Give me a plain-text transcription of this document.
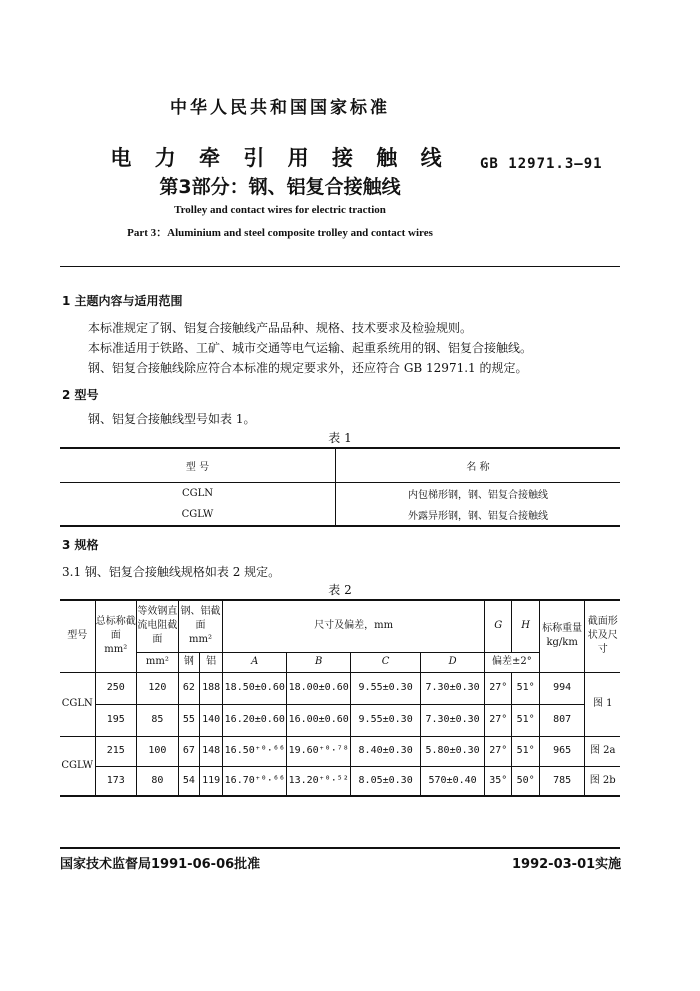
中华人民共和国国家标准
电 力 牵 引 用 接 触 线
第3部分：钢、铝复合接触线
GB 12971.3—91
Trolley and contact wires for electric traction
Part 3：Aluminium and steel composite trolley and contact wires
1 主题内容与适用范围
本标准规定了钢、铝复合接触线产品品种、规格、技术要求及检验规则。
本标准适用于铁路、工矿、城市交通等电气运输、起重系统用的钢、铝复合接触线。
钢、铝复合接触线除应符合本标准的规定要求外，还应符合 GB 12971.1 的规定。
2 型号
钢、铝复合接触线型号如表 1。
表 1
型 号	名 称
CGLN	内包梯形钢，钢、铝复合接触线
CGLW	外露异形钢，钢、铝复合接触线
3 规格
3.1 钢、铝复合接触线规格如表 2 规定。
表 2
型号	总标称截面
mm²	等效钢直流电阻截面	钢、铝截面
mm²		尺寸及偏差，mm				G	H	标称重量
kg/km	截面形状及尺寸
		mm²	钢	铝	A	B	C	D	偏差±2°			
CGLN	250	120	62	188	18.50±0.60	18.00±0.60	9.55±0.30	7.30±0.30	27°	51°	994	图 1
	195	85	55	140	16.20±0.60	16.00±0.60	9.55±0.30	7.30±0.30	27°	51°	807	
CGLW	215	100	67	148	16.50⁺⁰·⁶⁶	19.60⁺⁰·⁷⁸	8.40±0.30	5.80±0.30	27°	51°	965	图 2a
	173	80	54	119	16.70⁺⁰·⁶⁶	13.20⁺⁰·⁵²	8.05±0.30	570±0.40	35°	50°	785	图 2b
国家技术监督局1991-06-06批准	1992-03-01实施
